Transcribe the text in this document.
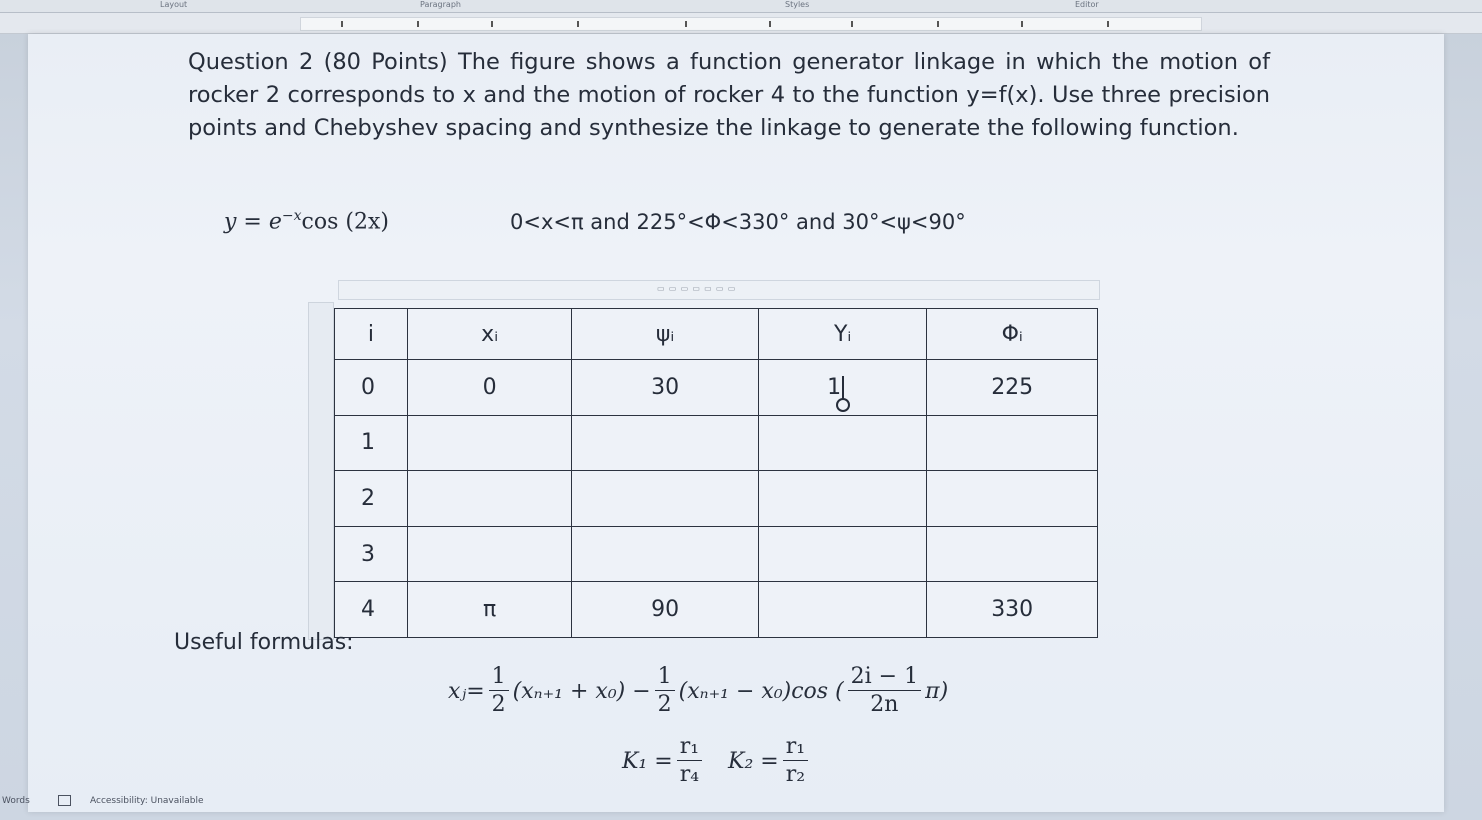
Layout	Paragraph	Styles	Editor
Question 2 (80 Points) The figure shows a function generator linkage in which the motion of rocker 2 corresponds to x and the motion of rocker 4 to the function y=f(x). Use three precision points and Chebyshev spacing and synthesize the linkage to generate the following function.
$y = e^{-x}\cos$ (2x)	0<x<π and 225°<Φ<330° and 30°<ψ<90°
▭ ▭ ▭ ▭ ▭ ▭ ▭
i	xᵢ	ψᵢ	Yᵢ	Φᵢ
0	0	30	1	225
1				
2				
3				
4	π	90		330
Useful formulas:
xⱼ= $\frac{1}{2} (x_{n+1} + x_0) - \frac{1}{2} (x_{n+1} - x_0)\cos$ ( $\frac{2i - 1}{2n} \pi$)
$K_1 = \frac{\text{r₁}}{\text{r₄}} K_2 = \frac{\text{r₁}}{\text{r₂}}$
Words	Accessibility: Unavailable
